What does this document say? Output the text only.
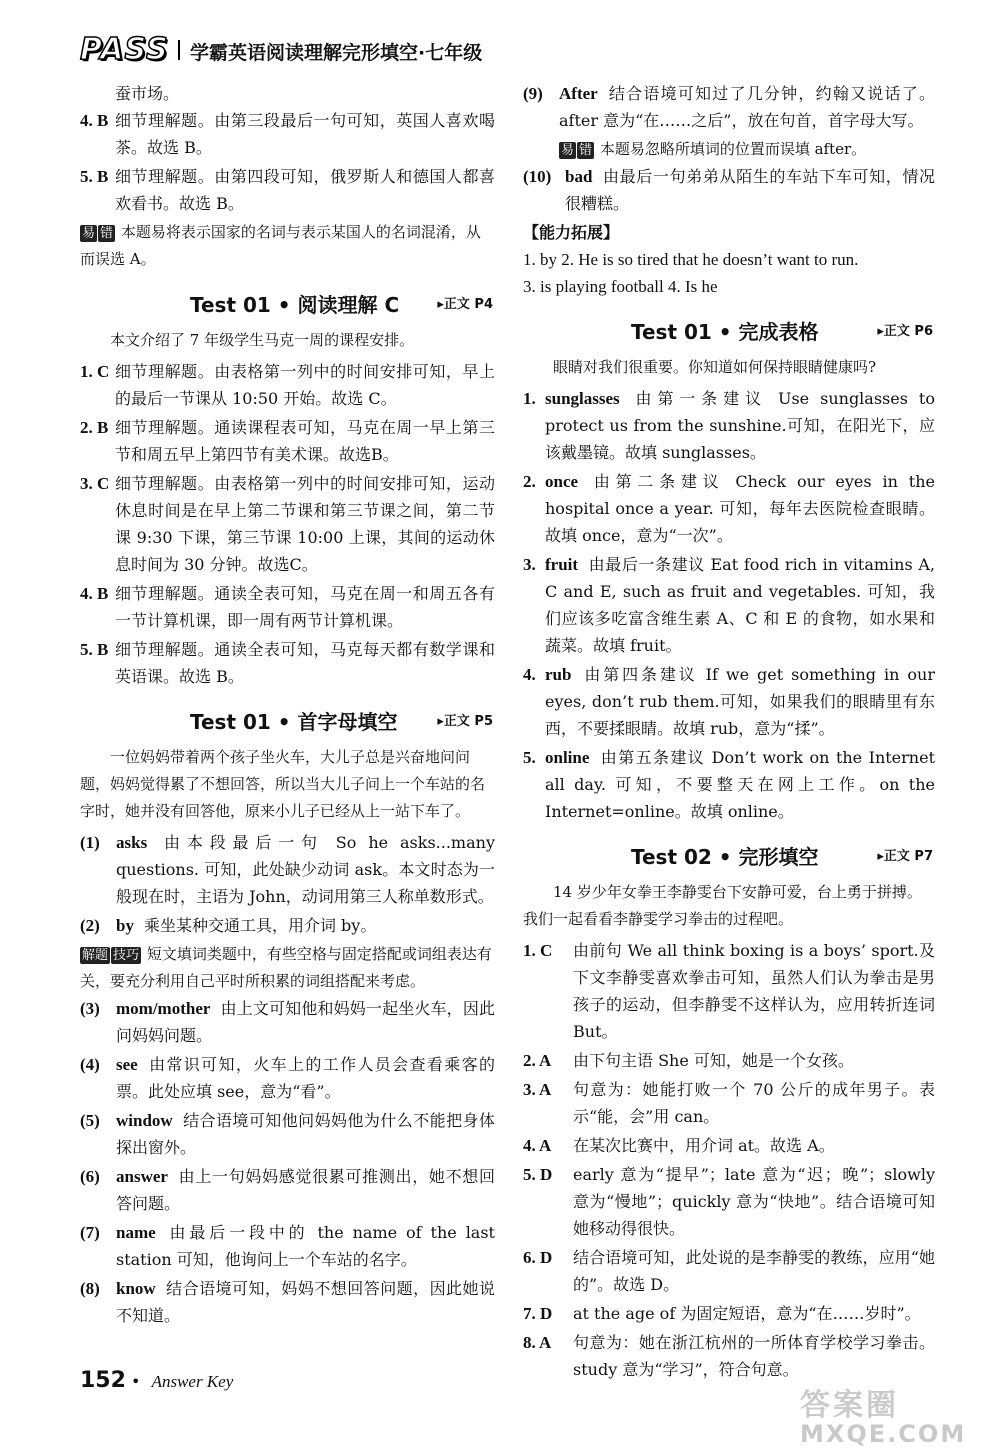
PASS 学霸英语阅读理解完形填空·七年级
蚕市场。
4. B 细节理解题。由第三段最后一句可知，英国人喜欢喝茶。故选 B。
5. B 细节理解题。由第四段可知，俄罗斯人和德国人都喜欢看书。故选 B。
易 错 本题易将表示国家的名词与表示某国人的名词混淆，从而误选 A。
Test 01 • 阅读理解 C	▸正文 P4
本文介绍了 7 年级学生马克一周的课程安排。
1. C 细节理解题。由表格第一列中的时间安排可知，早上的最后一节课从 10:50 开始。故选 C。
2. B 细节理解题。通读课程表可知，马克在周一早上第三节和周五早上第四节有美术课。故选B。
3. C 细节理解题。由表格第一列中的时间安排可知，运动休息时间是在早上第二节课和第三节课之间，第二节课 9:30 下课，第三节课 10:00 上课，其间的运动休息时间为 30 分钟。故选C。
4. B 细节理解题。通读全表可知，马克在周一和周五各有一节计算机课，即一周有两节计算机课。
5. B 细节理解题。通读全表可知，马克每天都有数学课和英语课。故选 B。
Test 01 • 首字母填空	▸正文 P5
一位妈妈带着两个孩子坐火车，大儿子总是兴奋地问问题，妈妈觉得累了不想回答，所以当大儿子问上一个车站的名字时，她并没有回答他，原来小儿子已经从上一站下车了。
(1) asks 由本段最后一句 So he asks...many questions. 可知，此处缺少动词 ask。本文时态为一般现在时，主语为 John，动词用第三人称单数形式。
(2) by 乘坐某种交通工具，用介词 by。
解题 技巧 短文填词类题中，有些空格与固定搭配或词组表达有关，要充分利用自己平时所积累的词组搭配来考虑。
(3) mom/mother 由上文可知他和妈妈一起坐火车，因此问妈妈问题。
(4) see 由常识可知，火车上的工作人员会查看乘客的票。此处应填 see，意为“看”。
(5) window 结合语境可知他问妈妈他为什么不能把身体探出窗外。
(6) answer 由上一句妈妈感觉很累可推测出，她不想回答问题。
(7) name 由最后一段中的 the name of the last station 可知，他询问上一个车站的名字。
(8) know 结合语境可知，妈妈不想回答问题，因此她说不知道。
(9) After 结合语境可知过了几分钟，约翰又说话了。after 意为“在……之后”，放在句首，首字母大写。
易 错 本题易忽略所填词的位置而误填 after。
(10) bad 由最后一句弟弟从陌生的车站下车可知，情况很糟糕。
【能力拓展】
1. by 2. He is so tired that he doesn’t want to run.
3. is playing football 4. Is he
Test 01 • 完成表格	▸正文 P6
眼睛对我们很重要。你知道如何保持眼睛健康吗?
1. sunglasses 由第一条建议 Use sunglasses to protect us from the sunshine.可知，在阳光下，应该戴墨镜。故填 sunglasses。
2. once 由第二条建议 Check our eyes in the hospital once a year. 可知，每年去医院检查眼睛。故填 once，意为“一次”。
3. fruit 由最后一条建议 Eat food rich in vitamins A, C and E, such as fruit and vegetables. 可知，我们应该多吃富含维生素 A、C 和 E 的食物，如水果和蔬菜。故填 fruit。
4. rub 由第四条建议 If we get something in our eyes, don’t rub them.可知，如果我们的眼睛里有东西，不要揉眼睛。故填 rub，意为“揉”。
5. online 由第五条建议 Don’t work on the Internet all day. 可知，不要整天在网上工作。on the Internet=online。故填 online。
Test 02 • 完形填空	▸正文 P7
14 岁少年女拳王李静雯台下安静可爱，台上勇于拼搏。我们一起看看李静雯学习拳击的过程吧。
1. C	由前句 We all think boxing is a boys’ sport.及下文李静雯喜欢拳击可知，虽然人们认为拳击是男孩子的运动，但李静雯不这样认为，应用转折连词 But。
2. A	由下句主语 She 可知，她是一个女孩。
3. A	句意为：她能打败一个 70 公斤的成年男子。表示“能，会”用 can。
4. A	在某次比赛中，用介词 at。故选 A。
5. D	early 意为“提早”；late 意为“迟；晚”；slowly 意为“慢地”；quickly 意为“快地”。结合语境可知她移动得很快。
6. D	结合语境可知，此处说的是李静雯的教练，应用“她的”。故选 D。
7. D	at the age of 为固定短语，意为“在……岁时”。
8. A	句意为：她在浙江杭州的一所体育学校学习拳击。study 意为“学习”，符合句意。
152 • Answer Key
答案圈
MXQE.COM
